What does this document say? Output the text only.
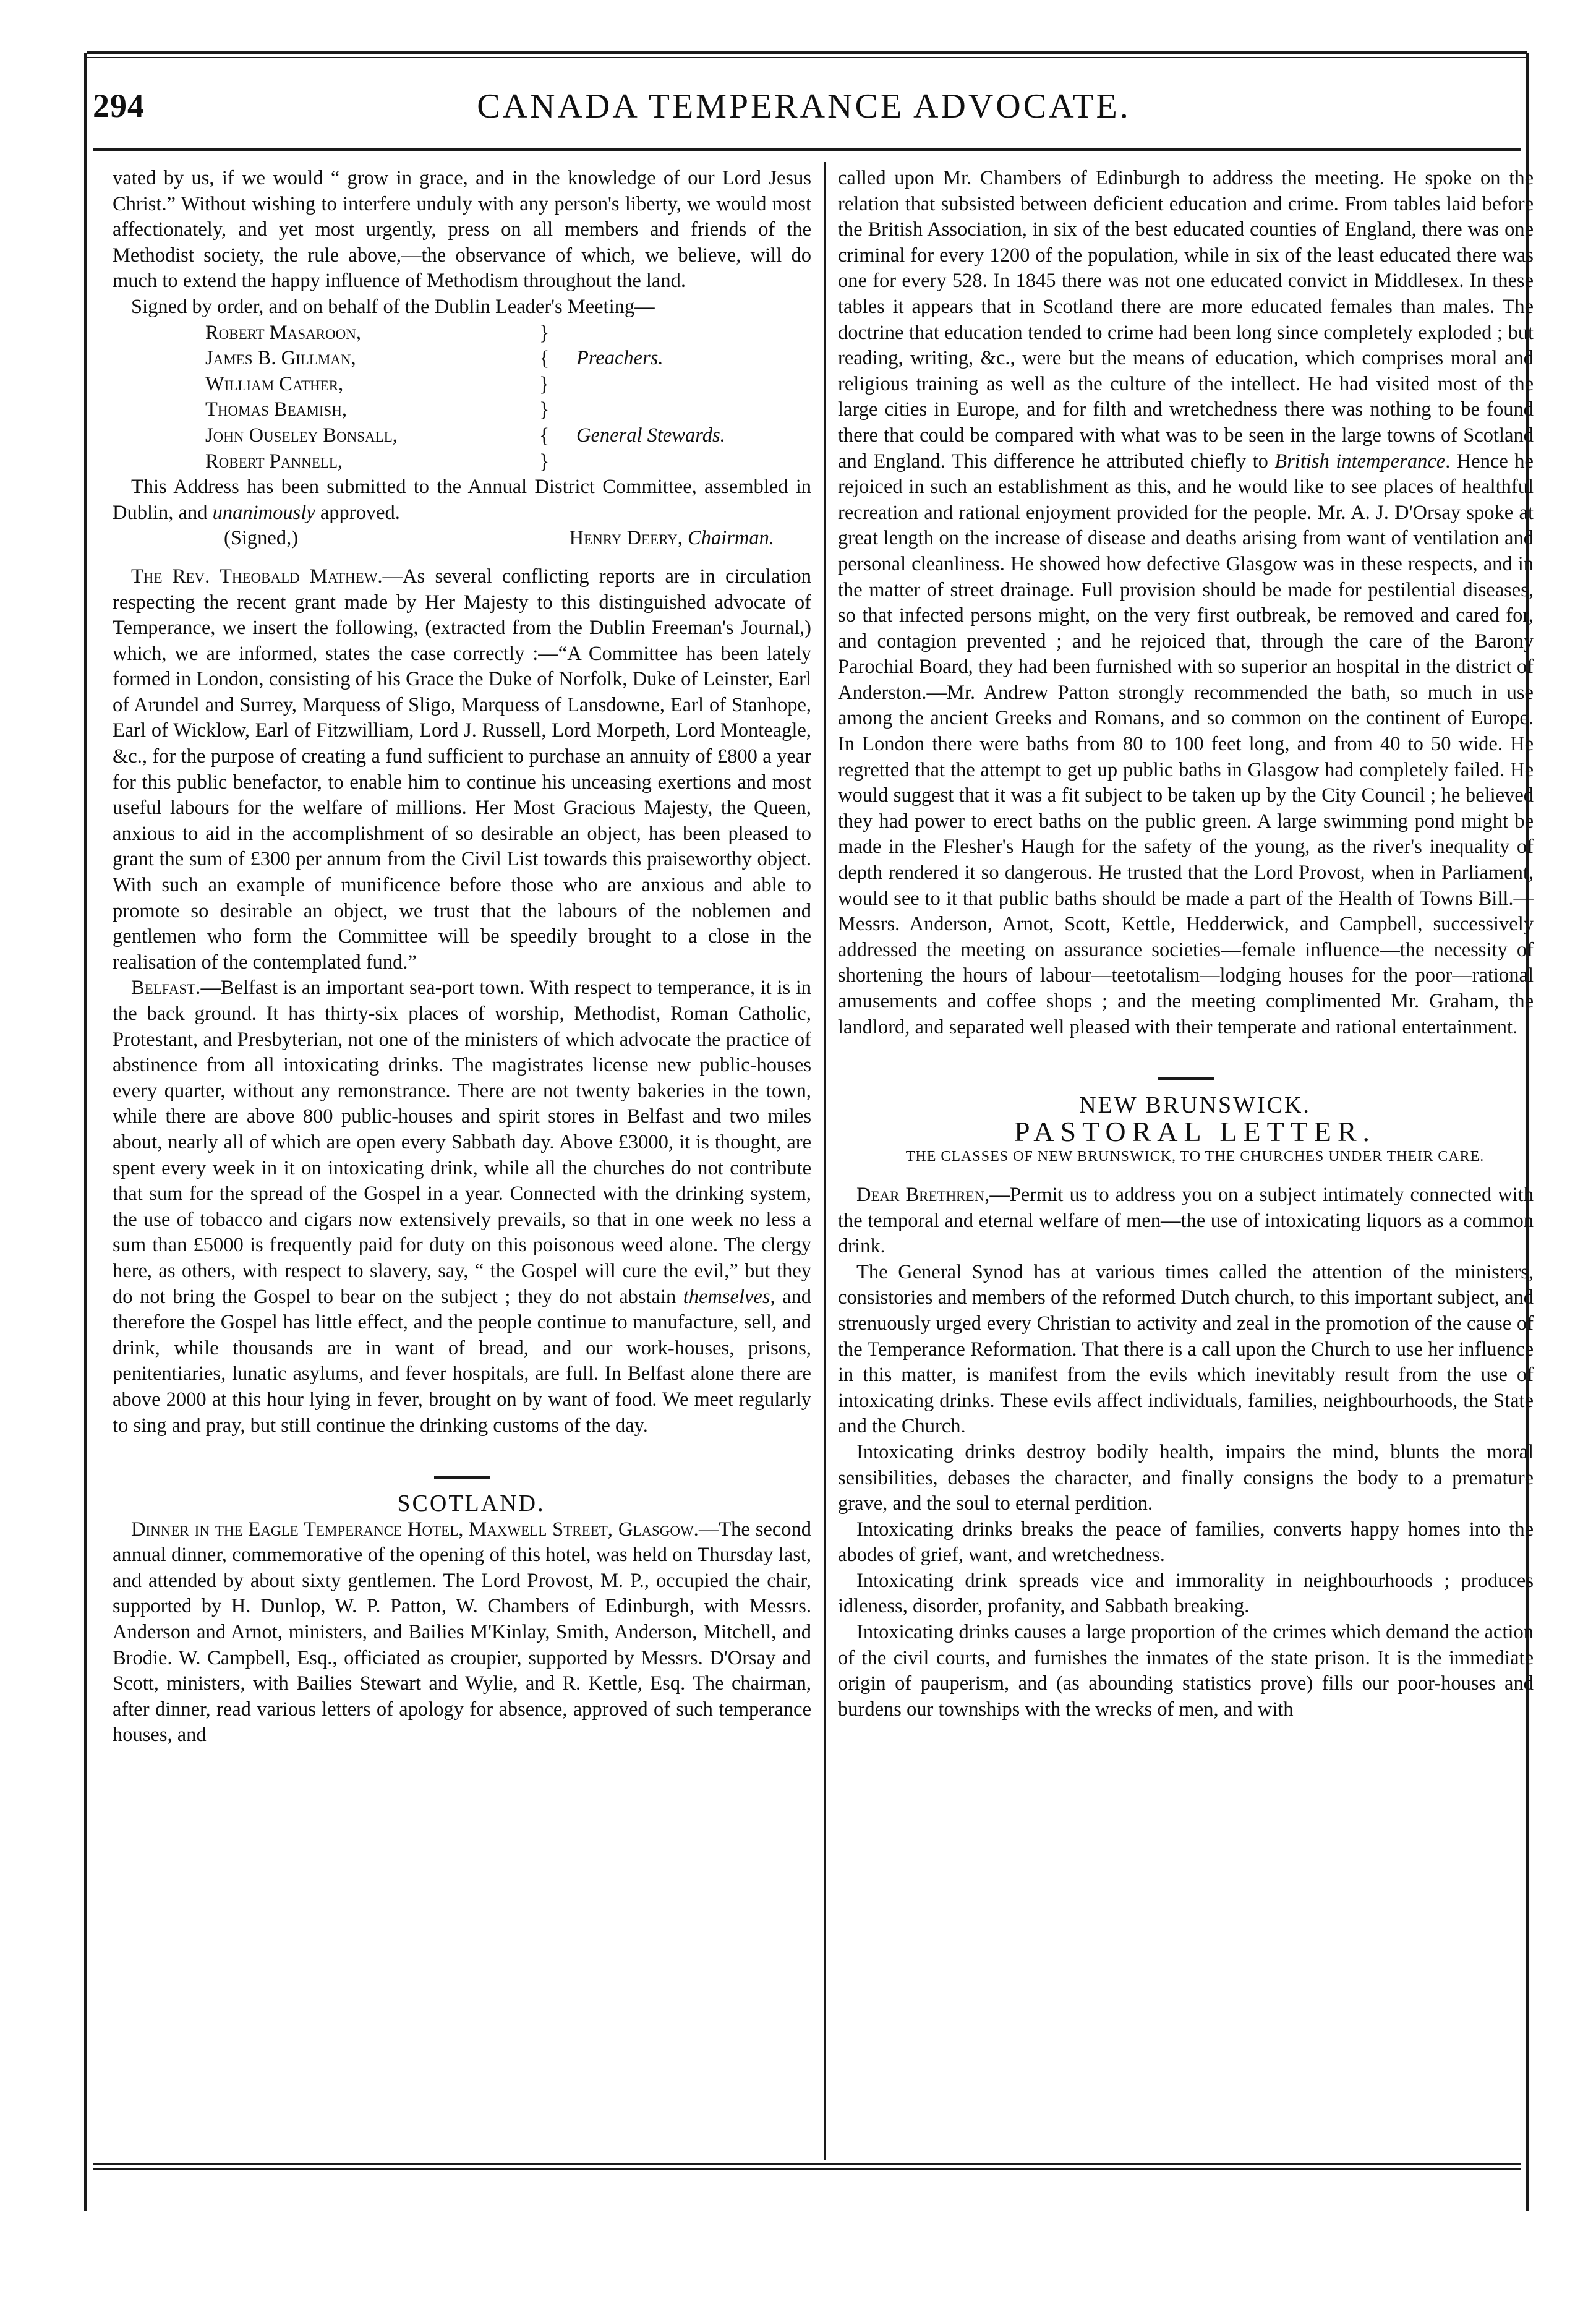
294	CANADA TEMPERANCE ADVOCATE.

vated by us, if we would “ grow in grace, and in the knowledge of our Lord Jesus Christ.” Without wishing to interfere unduly with any person's liberty, we would most affectionately, and yet most urgently, press on all members and friends of the Methodist society, the rule above,—the observance of which, we believe, will do much to extend the happy influence of Methodism throughout the land.

Signed by order, and on behalf of the Dublin Leader's Meeting—

Robert Masaroon,	}
James B. Gillman,	{	Preachers.
William Cather,	}
Thomas Beamish,	}
John Ouseley Bonsall,	{	General Stewards.
Robert Pannell,	}

This Address has been submitted to the Annual District Committee, assembled in Dublin, and unanimously approved.

(Signed,)	Henry Deery, Chairman.

The Rev. Theobald Mathew.—As several conflicting reports are in circulation respecting the recent grant made by Her Majesty to this distinguished advocate of Temperance, we insert the following, (extracted from the Dublin Freeman's Journal,) which, we are informed, states the case correctly :—“A Committee has been lately formed in London, consisting of his Grace the Duke of Norfolk, Duke of Leinster, Earl of Arundel and Surrey, Marquess of Sligo, Marquess of Lansdowne, Earl of Stanhope, Earl of Wicklow, Earl of Fitzwilliam, Lord J. Russell, Lord Morpeth, Lord Monteagle, &c., for the purpose of creating a fund sufficient to purchase an annuity of £800 a year for this public benefactor, to enable him to continue his unceasing exertions and most useful labours for the welfare of millions. Her Most Gracious Majesty, the Queen, anxious to aid in the accomplishment of so desirable an object, has been pleased to grant the sum of £300 per annum from the Civil List towards this praiseworthy object. With such an example of munificence before those who are anxious and able to promote so desirable an object, we trust that the labours of the noblemen and gentlemen who form the Committee will be speedily brought to a close in the realisation of the contemplated fund.”

Belfast.—Belfast is an important sea-port town. With respect to temperance, it is in the back ground. It has thirty-six places of worship, Methodist, Roman Catholic, Protestant, and Presbyterian, not one of the ministers of which advocate the practice of abstinence from all intoxicating drinks. The magistrates license new public-houses every quarter, without any remonstrance. There are not twenty bakeries in the town, while there are above 800 public-houses and spirit stores in Belfast and two miles about, nearly all of which are open every Sabbath day. Above £3000, it is thought, are spent every week in it on intoxicating drink, while all the churches do not contribute that sum for the spread of the Gospel in a year. Connected with the drinking system, the use of tobacco and cigars now extensively prevails, so that in one week no less a sum than £5000 is frequently paid for duty on this poisonous weed alone. The clergy here, as others, with respect to slavery, say, “ the Gospel will cure the evil,” but they do not bring the Gospel to bear on the subject ; they do not abstain themselves, and therefore the Gospel has little effect, and the people continue to manufacture, sell, and drink, while thousands are in want of bread, and our work-houses, prisons, penitentiaries, lunatic asylums, and fever hospitals, are full. In Belfast alone there are above 2000 at this hour lying in fever, brought on by want of food. We meet regularly to sing and pray, but still continue the drinking customs of the day.

SCOTLAND.

Dinner in the Eagle Temperance Hotel, Maxwell Street, Glasgow.—The second annual dinner, commemorative of the opening of this hotel, was held on Thursday last, and attended by about sixty gentlemen. The Lord Provost, M. P., occupied the chair, supported by H. Dunlop, W. P. Patton, W. Chambers of Edinburgh, with Messrs. Anderson and Arnot, ministers, and Bailies M'Kinlay, Smith, Anderson, Mitchell, and Brodie. W. Campbell, Esq., officiated as croupier, supported by Messrs. D'Orsay and Scott, ministers, with Bailies Stewart and Wylie, and R. Kettle, Esq. The chairman, after dinner, read various letters of apology for absence, approved of such temperance houses, and

called upon Mr. Chambers of Edinburgh to address the meeting. He spoke on the relation that subsisted between deficient education and crime. From tables laid before the British Association, in six of the best educated counties of England, there was one criminal for every 1200 of the population, while in six of the least educated there was one for every 528. In 1845 there was not one educated convict in Middlesex. In these tables it appears that in Scotland there are more educated females than males. The doctrine that education tended to crime had been long since completely exploded ; but reading, writing, &c., were but the means of education, which comprises moral and religious training as well as the culture of the intellect. He had visited most of the large cities in Europe, and for filth and wretchedness there was nothing to be found there that could be compared with what was to be seen in the large towns of Scotland and England. This difference he attributed chiefly to British intemperance. Hence he rejoiced in such an establishment as this, and he would like to see places of healthful recreation and rational enjoyment provided for the people. Mr. A. J. D'Orsay spoke at great length on the increase of disease and deaths arising from want of ventilation and personal cleanliness. He showed how defective Glasgow was in these respects, and in the matter of street drainage. Full provision should be made for pestilential diseases, so that infected persons might, on the very first outbreak, be removed and cared for, and contagion prevented ; and he rejoiced that, through the care of the Barony Parochial Board, they had been furnished with so superior an hospital in the district of Anderston.—Mr. Andrew Patton strongly recommended the bath, so much in use among the ancient Greeks and Romans, and so common on the continent of Europe. In London there were baths from 80 to 100 feet long, and from 40 to 50 wide. He regretted that the attempt to get up public baths in Glasgow had completely failed. He would suggest that it was a fit subject to be taken up by the City Council ; he believed they had power to erect baths on the public green. A large swimming pond might be made in the Flesher's Haugh for the safety of the young, as the river's inequality of depth rendered it so dangerous. He trusted that the Lord Provost, when in Parliament, would see to it that public baths should be made a part of the Health of Towns Bill.—Messrs. Anderson, Arnot, Scott, Kettle, Hedderwick, and Campbell, successively addressed the meeting on assurance societies—female influence—the necessity of shortening the hours of labour—teetotalism—lodging houses for the poor—rational amusements and coffee shops ; and the meeting complimented Mr. Graham, the landlord, and separated well pleased with their temperate and rational entertainment.

NEW BRUNSWICK.

PASTORAL LETTER.

THE CLASSES OF NEW BRUNSWICK, TO THE CHURCHES UNDER THEIR CARE.

Dear Brethren,—Permit us to address you on a subject intimately connected with the temporal and eternal welfare of men—the use of intoxicating liquors as a common drink.

The General Synod has at various times called the attention of the ministers, consistories and members of the reformed Dutch church, to this important subject, and strenuously urged every Christian to activity and zeal in the promotion of the cause of the Temperance Reformation. That there is a call upon the Church to use her influence in this matter, is manifest from the evils which inevitably result from the use of intoxicating drinks. These evils affect individuals, families, neighbourhoods, the State and the Church.

Intoxicating drinks destroy bodily health, impairs the mind, blunts the moral sensibilities, debases the character, and finally consigns the body to a premature grave, and the soul to eternal perdition.

Intoxicating drinks breaks the peace of families, converts happy homes into the abodes of grief, want, and wretchedness.

Intoxicating drink spreads vice and immorality in neighbourhoods ; produces idleness, disorder, profanity, and Sabbath breaking.

Intoxicating drinks causes a large proportion of the crimes which demand the action of the civil courts, and furnishes the inmates of the state prison. It is the immediate origin of pauperism, and (as abounding statistics prove) fills our poor-houses and burdens our townships with the wrecks of men, and with
